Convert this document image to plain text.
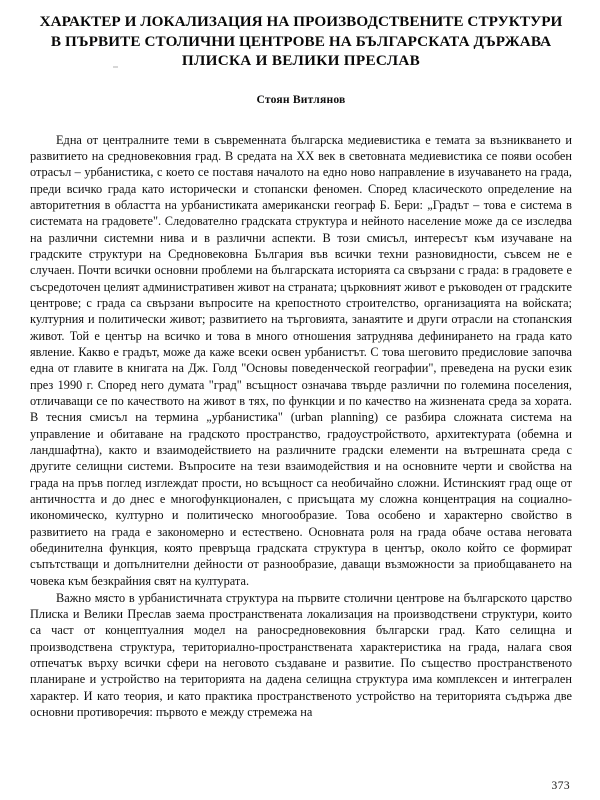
ХАРАКТЕР И ЛОКАЛИЗАЦИЯ НА ПРОИЗВОДСТВЕНИТЕ СТРУКТУРИ
В ПЪРВИТЕ СТОЛИЧНИ ЦЕНТРОВЕ НА БЪЛГАРСКАТА ДЪРЖАВА
ПЛИСКА И ВЕЛИКИ ПРЕСЛАВ
Стоян Витлянов

Една от централните теми в съвременната българска медиевистика е темата за възникването и развитието на средновековния град. В средата на XX век в световната медиевистика се появи особен отрасъл – урбанистика, с което се поставя началото на едно ново направление в изучаването на града, преди всичко града като исторически и стопански феномен. Според класическото определение на авторитетния в областта на урбанистиката американски географ Б. Бери: „Градът – това е система в системата на градовете". Следователно градската структура и нейното население може да се изследва на различни системни нива и в различни аспекти. В този смисъл, интересът към изучаване на градските структури на Средновековна България във всички техни разновидности, съвсем не е случаен. Почти всички основни проблеми на българската историята са свързани с града: в градовете е съсредоточен целият административен живот на страната; църковният живот е ръководен от градските центрове; с града са свързани въпросите на крепостното строителство, организацията на войската; културния и политически живот; развитието на търговията, занаятите и други отрасли на стопанския живот. Той е център на всичко и това в много отношения затруднява дефинирането на града като явление. Какво е градът, може да каже всеки освен урбанистът. С това шеговито предисловие започва една от главите в книгата на Дж. Голд "Основы поведенческой географии", преведена на руски език през 1990 г. Според него думата "град" всъщност означава твърде различни по големина поселения, отличаващи се по качеството на живот в тях, по функции и по качество на жизнената среда за хората. В тесния смисъл на термина „урбанистика" (urban planning) се разбира сложната система на управление и обитаване на градското пространство, градоустройството, архитектурата (обемна и ландшафтна), както и взаимодействието на различните градски елементи на вътрешната среда с другите селищни системи. Въпросите на тези взаимодействия и на основните черти и свойства на града на пръв поглед изглеждат прости, но всъщност са необичайно сложни. Истинският град още от античността и до днес е многофункционален, с присъщата му сложна концентрация на социално-икономическо, културно и политическо многообразие. Това особено и характерно свойство в развитието на града е закономерно и естествено. Основната роля на града обаче остава неговата обединителна функция, която превръща градската структура в център, около който се формират съпътстващи и допълнителни дейности от разнообразие, даващи възможности за приобщаването на човека към безкрайния свят на културата.

Важно място в урбанистичната структура на първите столични центрове на българското царство Плиска и Велики Преслав заема пространствената локализация на производствени структури, които са част от концептуалния модел на раносредновековния български град. Като селищна и производствена структура, териториално-пространствената характеристика на града, налага своя отпечатък върху всички сфери на неговото създаване и развитие. По същество пространственото планиране и устройство на територията на дадена селищна структура има комплексен и интегрален характер. И като теория, и като практика пространственото устройство на територията съдържа две основни противоречия: първото е между стремежа на

373
